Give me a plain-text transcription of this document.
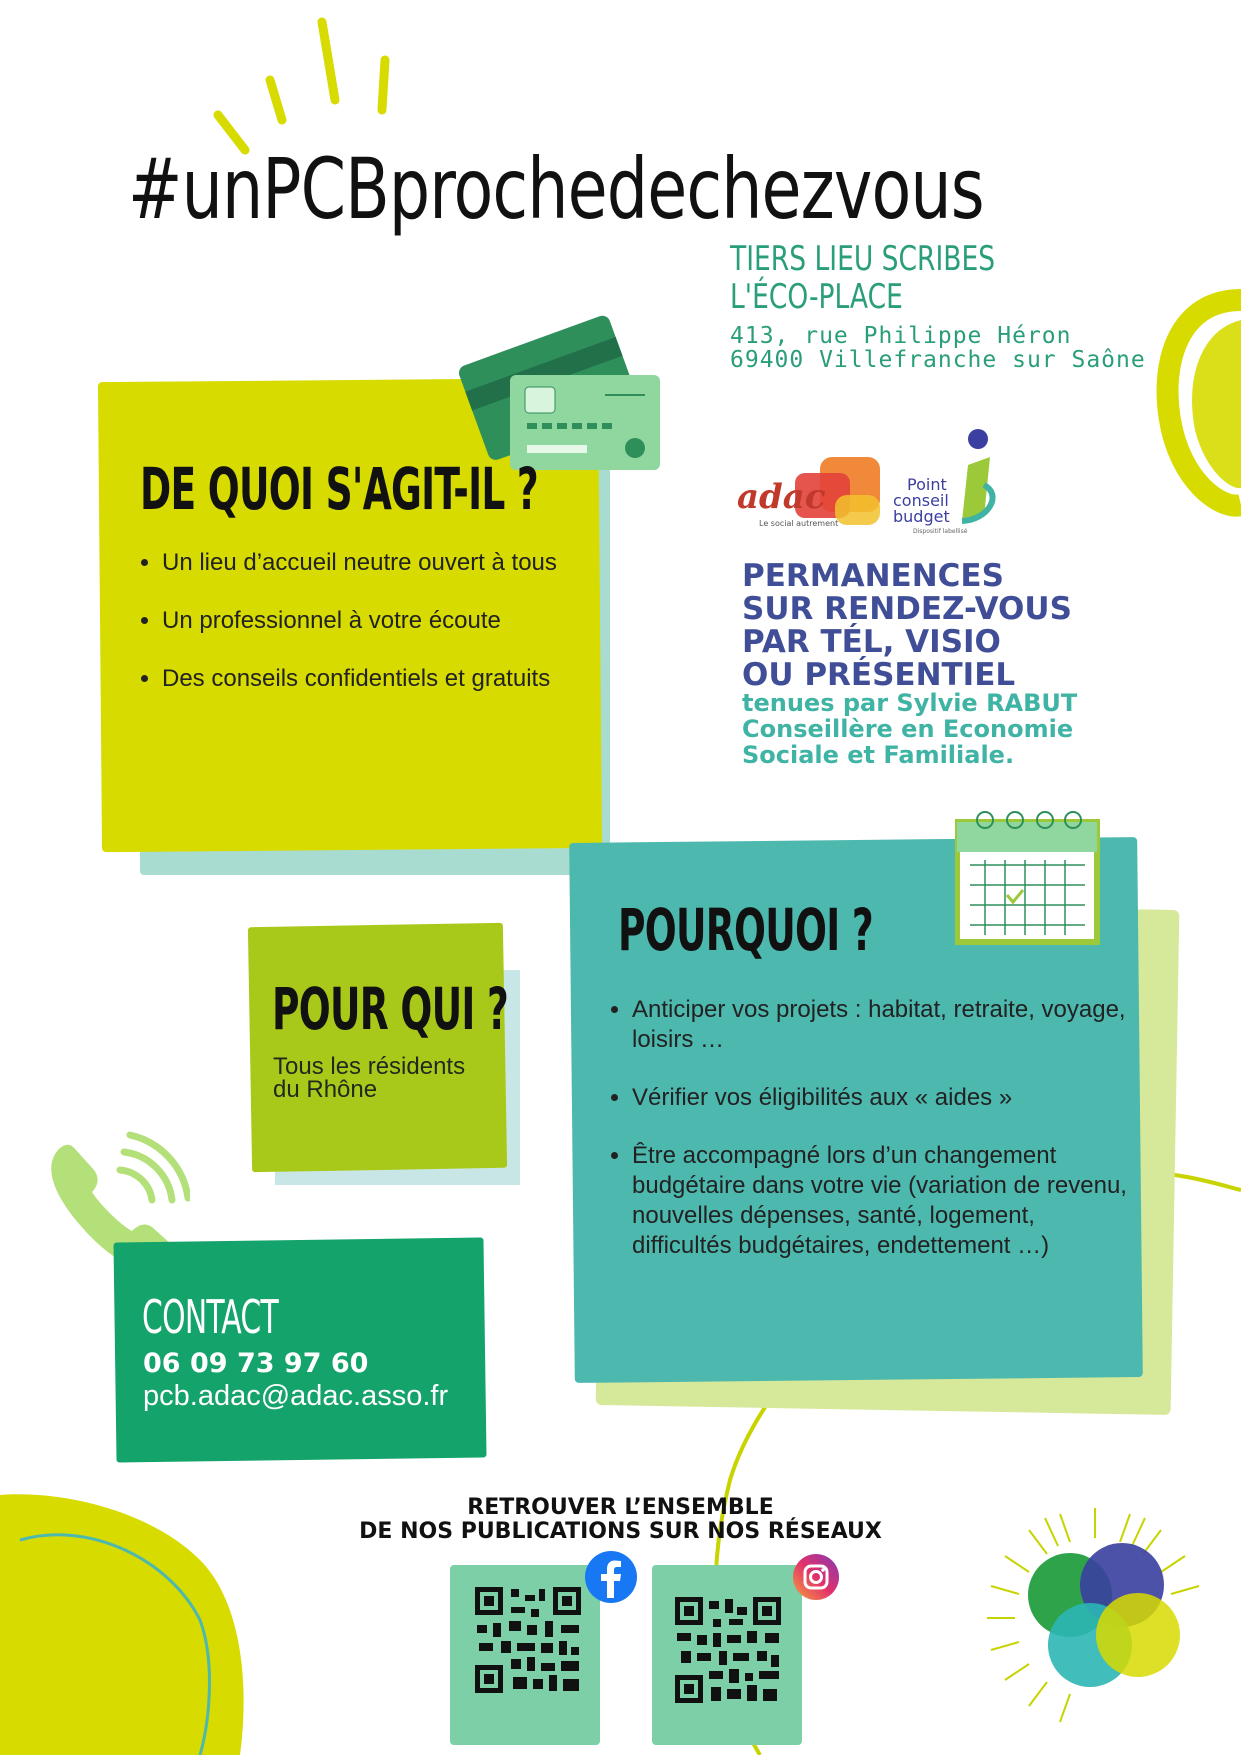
#unPCBprochedechezvous
TIERS LIEU SCRIBES
L'ÉCO-PLACE
413, rue Philippe Héron
69400 Villefranche sur Saône
DE QUOI S'AGIT-IL ?
• Un lieu d’accueil neutre ouvert à tous
• Un professionnel à votre écoute
• Des conseils confidentiels et gratuits
adac
Le social autrement
Point
conseil
budget
Dispositif labellisé
PERMANENCES
SUR RENDEZ-VOUS
PAR TÉL, VISIO
OU PRÉSENTIEL
tenues par Sylvie RABUT
Conseillère en Economie
Sociale et Familiale.
POUR QUI ?
Tous les résidents
du Rhône
POURQUOI ?
• Anticiper vos projets : habitat, retraite, voyage, loisirs …
• Vérifier vos éligibilités aux « aides »
• Être accompagné lors d’un changement budgétaire dans votre vie (variation de revenu, nouvelles dépenses, santé, logement, difficultés budgétaires, endettement …)
CONTACT
06 09 73 97 60
pcb.adac@adac.asso.fr
RETROUVER L’ENSEMBLE
DE NOS PUBLICATIONS SUR NOS RÉSEAUX
